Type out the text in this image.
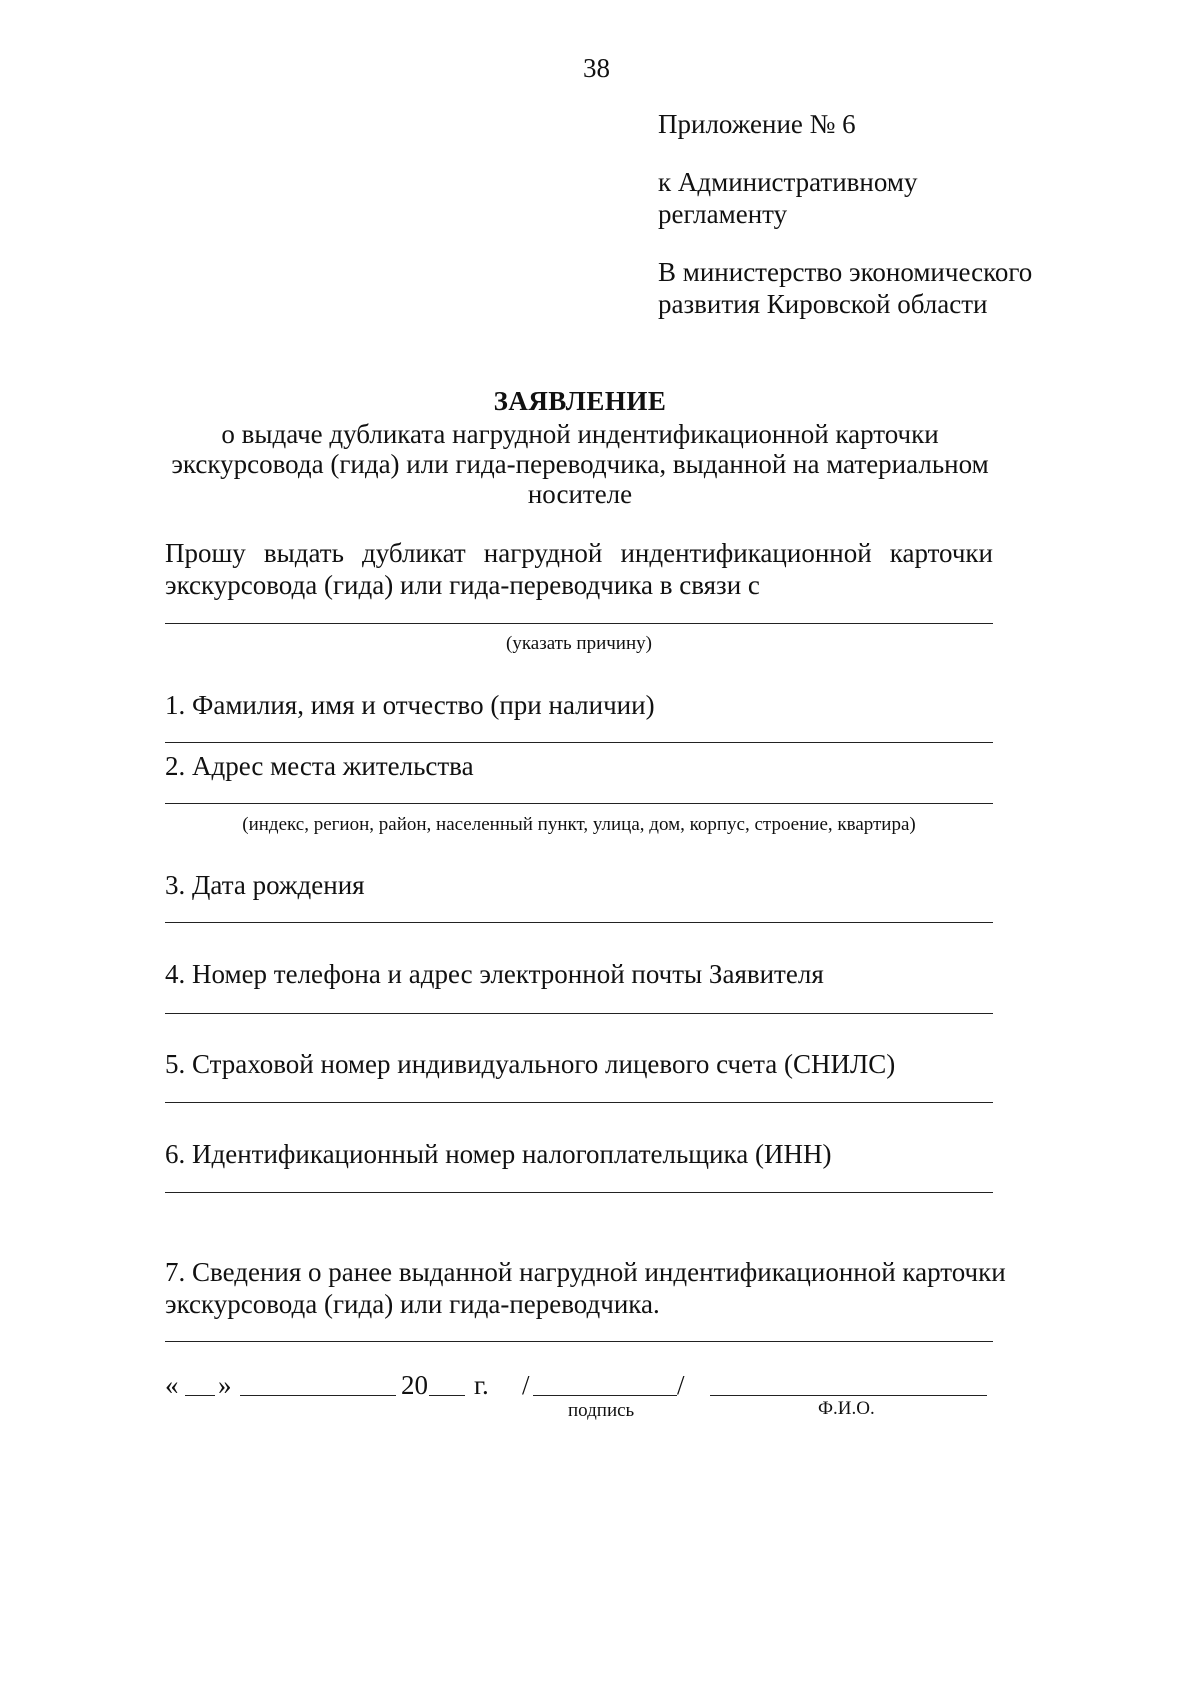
38
Приложение № 6
к Административному
регламенту
В министерство экономического
развития Кировской области
ЗАЯВЛЕНИЕ
о выдаче дубликата нагрудной индентификационной карточки
экскурсовода (гида) или гида-переводчика, выданной на материальном
носителе
Прошу выдать дубликат нагрудной индентификационной карточки
экскурсовода (гида) или гида-переводчика в связи с
(указать причину)
1. Фамилия, имя и отчество (при наличии)
2. Адрес места жительства
(индекс, регион, район, населенный пункт, улица, дом, корпус, строение, квартира)
3. Дата рождения
4. Номер телефона и адрес электронной почты Заявителя
5. Страховой номер индивидуального лицевого счета (СНИЛС)
6. Идентификационный номер налогоплательщика (ИНН)
7. Сведения о ранее выданной нагрудной индентификационной карточки
экскурсовода (гида) или гида-переводчика.
« »	20 г. /	/
подпись	Ф.И.О.
